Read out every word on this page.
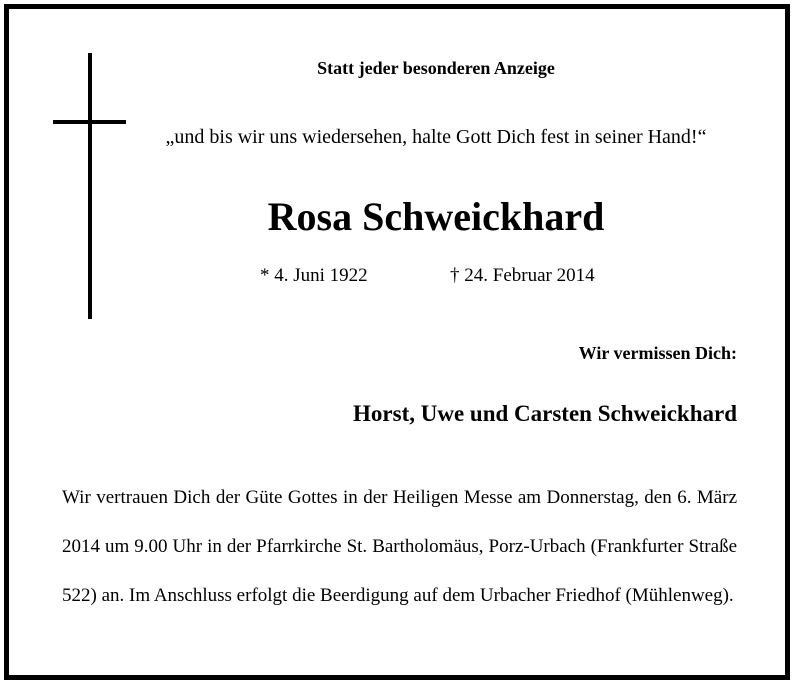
Statt jeder besonderen Anzeige
„und bis wir uns wiedersehen, halte Gott Dich fest in seiner Hand!“
Rosa Schweickhard
* 4. Juni 1922	† 24. Februar 2014
Wir vermissen Dich:
Horst, Uwe und Carsten Schweickhard

Wir vertrauen Dich der Güte Gottes in der Heiligen Messe am Donnerstag, den 6. März 2014 um 9.00 Uhr in der Pfarrkirche St. Bartholomäus, Porz-Urbach (Frankfurter Straße 522) an. Im Anschluss erfolgt die Beerdigung auf dem Urbacher Friedhof (Mühlenweg).
